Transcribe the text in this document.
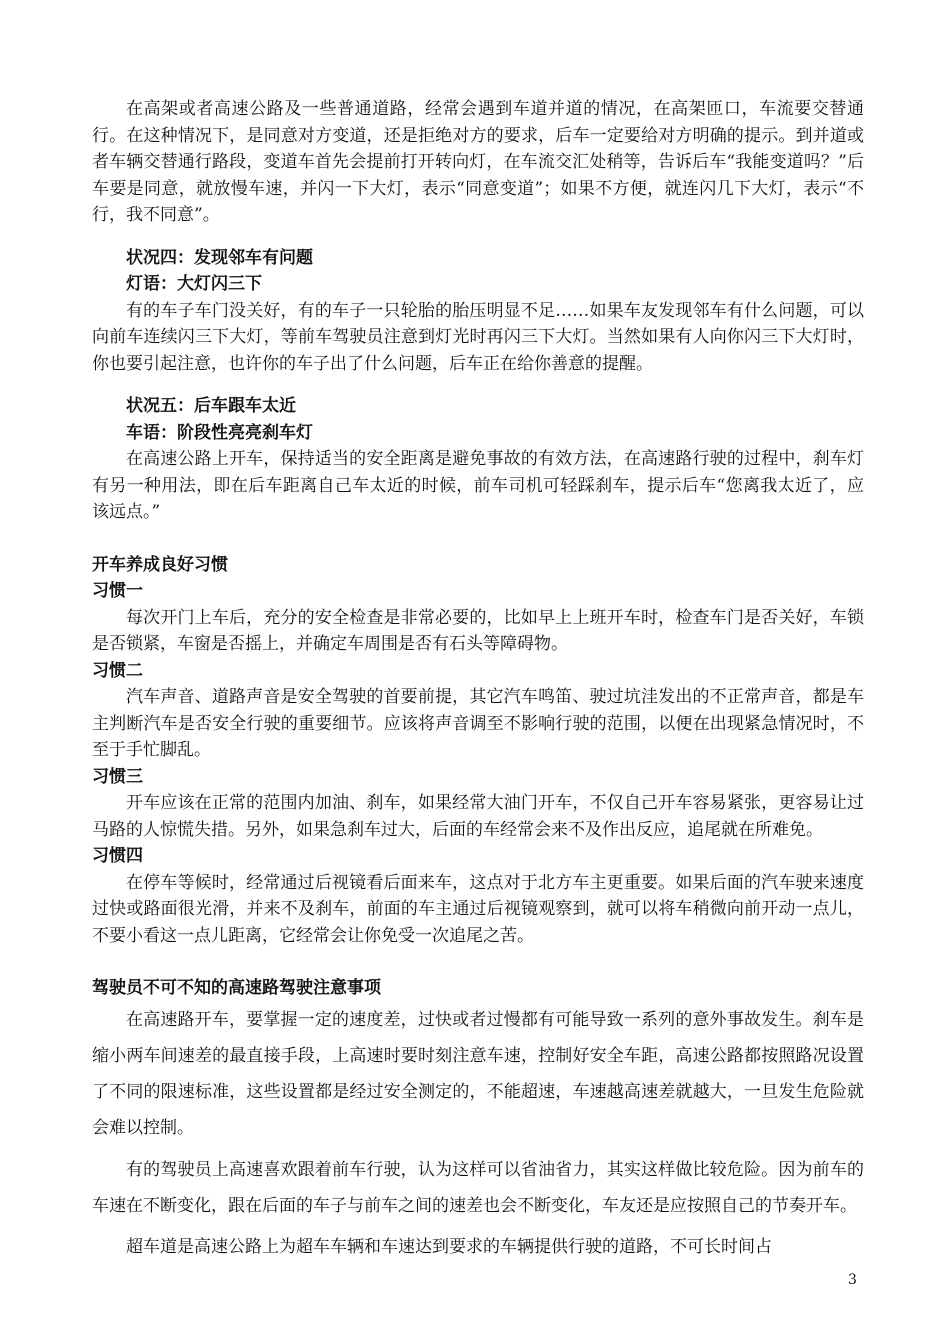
在高架或者高速公路及一些普通道路，经常会遇到车道并道的情况，在高架匝口，车流要交替通行。在这种情况下，是同意对方变道，还是拒绝对方的要求，后车一定要给对方明确的提示。到并道或者车辆交替通行路段，变道车首先会提前打开转向灯，在车流交汇处稍等，告诉后车“我能变道吗？”后车要是同意，就放慢车速，并闪一下大灯，表示“同意变道”；如果不方便，就连闪几下大灯，表示“不行，我不同意”。

状况四：发现邻车有问题
灯语：大灯闪三下

有的车子车门没关好，有的车子一只轮胎的胎压明显不足……如果车友发现邻车有什么问题，可以向前车连续闪三下大灯，等前车驾驶员注意到灯光时再闪三下大灯。当然如果有人向你闪三下大灯时，你也要引起注意，也许你的车子出了什么问题，后车正在给你善意的提醒。

状况五：后车跟车太近
车语：阶段性亮亮刹车灯

在高速公路上开车，保持适当的安全距离是避免事故的有效方法，在高速路行驶的过程中，刹车灯有另一种用法，即在后车距离自己车太近的时候，前车司机可轻踩刹车，提示后车“您离我太近了，应该远点。”

开车养成良好习惯
习惯一

每次开门上车后，充分的安全检查是非常必要的，比如早上上班开车时，检查车门是否关好，车锁是否锁紧，车窗是否摇上，并确定车周围是否有石头等障碍物。

习惯二

汽车声音、道路声音是安全驾驶的首要前提，其它汽车鸣笛、驶过坑洼发出的不正常声音，都是车主判断汽车是否安全行驶的重要细节。应该将声音调至不影响行驶的范围，以便在出现紧急情况时，不至于手忙脚乱。

习惯三

开车应该在正常的范围内加油、刹车，如果经常大油门开车，不仅自己开车容易紧张，更容易让过马路的人惊慌失措。另外，如果急刹车过大，后面的车经常会来不及作出反应，追尾就在所难免。

习惯四

在停车等候时，经常通过后视镜看后面来车，这点对于北方车主更重要。如果后面的汽车驶来速度过快或路面很光滑，并来不及刹车，前面的车主通过后视镜观察到，就可以将车稍微向前开动一点儿，不要小看这一点儿距离，它经常会让你免受一次追尾之苦。

驾驶员不可不知的高速路驾驶注意事项

在高速路开车，要掌握一定的速度差，过快或者过慢都有可能导致一系列的意外事故发生。刹车是缩小两车间速差的最直接手段，上高速时要时刻注意车速，控制好安全车距，高速公路都按照路况设置了不同的限速标准，这些设置都是经过安全测定的，不能超速，车速越高速差就越大，一旦发生危险就会难以控制。

有的驾驶员上高速喜欢跟着前车行驶，认为这样可以省油省力，其实这样做比较危险。因为前车的车速在不断变化，跟在后面的车子与前车之间的速差也会不断变化，车友还是应按照自己的节奏开车。

超车道是高速公路上为超车车辆和车速达到要求的车辆提供行驶的道路，不可长时间占

3
